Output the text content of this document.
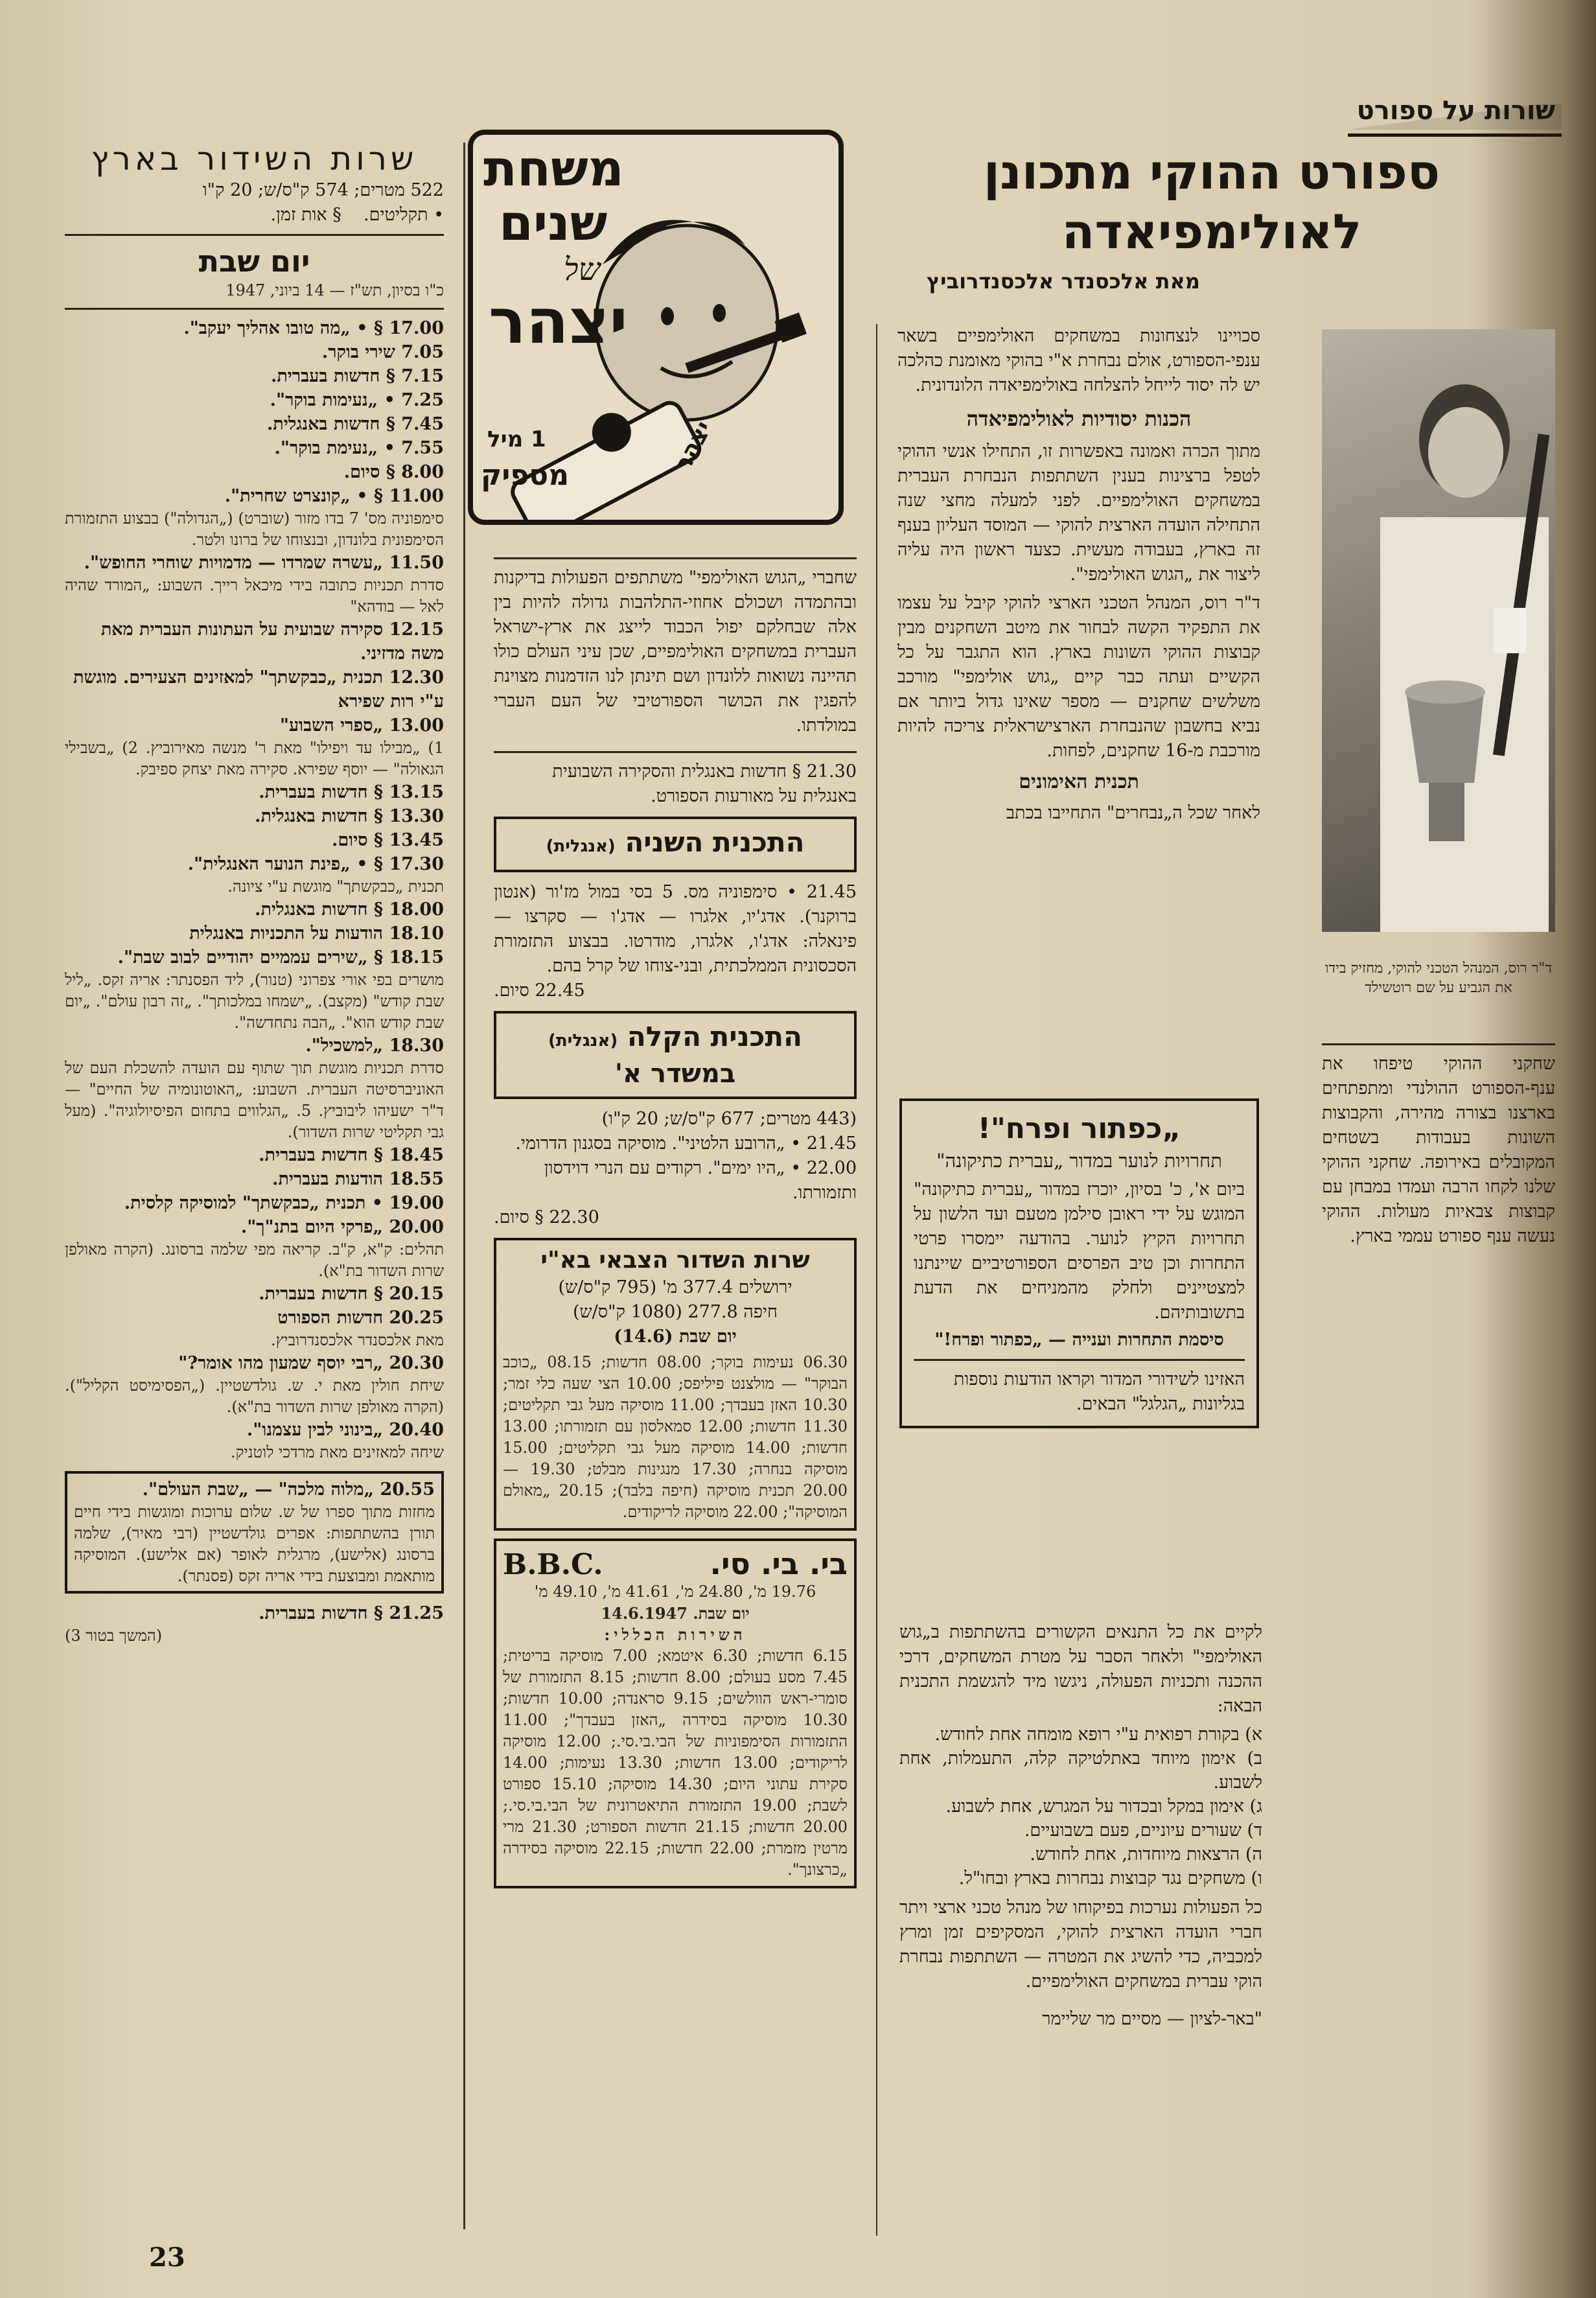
שורות על ספורט
ספורט ההוקי מתכונן לאולימפיאדה
מאת אלכסנדר אלכסנדרוביץ
ד"ר רוס, המנהל הטכני להוקי, מחזיק בידו את הגביע על שם רוטשילד

שחקני ההוקי טיפחו את ענף-הספורט ההולנדי ומתפתחים בארצנו בצורה מהירה, והקבוצות השונות בעבודות בשטחים המקובלים באירופה. שחקני ההוקי שלנו לקחו הרבה ועמדו במבחן עם קבוצות צבאיות מעולות. ההוקי נעשה ענף ספורט עממי בארץ.

סכויינו לנצחונות במשחקים האולימפיים בשאר ענפי-הספורט, אולם נבחרת א"י בהוקי מאומנת כהלכה יש לה יסוד לייחל להצלחה באולימפיאדה הלונדונית.

הכנות יסודיות לאולימפיאדה

מתוך הכרה ואמונה באפשרות זו, התחילו אנשי ההוקי לטפל ברצינות בענין השתתפות הנבחרת העברית במשחקים האולימפיים. לפני למעלה מחצי שנה התחילה הועדה הארצית להוקי — המוסד העליון בענף זה בארץ, בעבודה מעשית. כצעד ראשון היה עליה ליצור את „הגוש האולימפי".

ד"ר רוס, המנהל הטכני הארצי להוקי קיבל על עצמו את התפקיד הקשה לבחור את מיטב השחקנים מבין קבוצות ההוקי השונות בארץ. הוא התגבר על כל הקשיים ועתה כבר קיים „גוש אולימפי" מורכב משלשים שחקנים — מספר שאינו גדול ביותר אם נביא בחשבון שהנבחרת הארצישראלית צריכה להיות מורכבת מ-16 שחקנים, לפחות.

תכנית האימונים

לאחר שכל ה„נבחרים" התחייבו בכתב

„כפתור ופרח"!
תחרויות לנוער במדור „עברית כתיקונה"

ביום א', כ' בסיון, יוכרז במדור „עברית כתיקונה" המוגש על ידי ראובן סילמן מטעם ועד הלשון על תחרויות הקיץ לנוער. בהודעה יימסרו פרטי התחרות וכן טיב הפרסים הספורטיביים שיינתנו למצטיינים ולחלק מהמניחים את הדעת בתשובותיהם.

סיסמת התחרות וענייה — „כפתור ופרח!"

האזינו לשידורי המדור וקראו הודעות נוספות בגליונות „הגלגל" הבאים.

לקיים את כל התנאים הקשורים בהשתתפות ב„גוש האולימפי" ולאחר הסבר על מטרת המשחקים, דרכי ההכנה ותכניות הפעולה, ניגשו מיד להגשמת התכנית הבאה:

א) בקורת רפואית ע"י רופא מומחה אחת לחודש.

ב) אימון מיוחד באתלטיקה קלה, התעמלות, אחת לשבוע.

ג) אימון במקל ובכדור על המגרש, אחת לשבוע.

ד) שעורים עיוניים, פעם בשבועיים.

ה) הרצאות מיוחדות, אחת לחודש.

ו) משחקים נגד קבוצות נבחרות בארץ ובחו"ל.

כל הפעולות נערכות בפיקוחו של מנהל טכני ארצי ויתר חברי הועדה הארצית להוקי, המסקיפים זמן ומרץ למכביה, כדי להשיג את המטרה — השתתפות נבחרת הוקי עברית במשחקים האולימפיים.

"באר-לציון — מסיים מר שליימר

משחת
שנים
של
יצהר
1 מיל
מספיק	יצהר

שחברי „הגוש האולימפי" משתתפים הפעולות בדיקנות ובהתמדה ושכולם אחוזי-התלהבות גדולה להיות בין אלה שבחלקם יפול הכבוד לייצג את ארץ-ישראל העברית במשחקים האולימפיים, שכן עיני העולם כולו תהיינה נשואות ללונדון ושם תינתן לנו הזדמנות מצוינת להפגין את הכושר הספורטיבי של העם העברי במולדתו.

21.30 § חדשות באנגלית והסקירה השבועית באנגלית על מאורעות הספורט.

התכנית השניה (אנגלית)

21.45 • סימפוניה מס. 5 בסי במול מז'ור (אנטון ברוקנר). אדג'יו, אלגרו — אדג'ו — סקרצו — פינאלה: אדג'ו, אלגרו, מודרטו. בבצוע התזמורת הסכסונית הממלכתית, ובני-צוחו של קרל בהם.

22.45 סיום.

התכנית הקלה (אנגלית)
במשדר א'

(443 מטרים; 677 ק"ס/ש; 20 ק"ו)

21.45 • „הרובע הלטיני". מוסיקה בסגנון הדרומי.

22.00 • „היו ימים". רקודים עם הנרי דוידסון ותזמורתו.

22.30 § סיום.

שרות השדור הצבאי בא"י
ירושלים 377.4 מ' (795 ק"ס/ש)
חיפה 277.8 (1080 ק"ס/ש)
יום שבת (14.6)

06.30 נעימות בוקר; 08.00 חדשות; 08.15 „כוכב הבוקר" — מולצנט פיליפס; 10.00 הצי שעה כלי זמר; 10.30 האזן בעבדך; 11.00 מוסיקה מעל גבי תקליטים; 11.30 חדשות; 12.00 סמאלסון עם תזמורתו; 13.00 חדשות; 14.00 מוסיקה מעל גבי תקליטים; 15.00 מוסיקה בנחרה; 17.30 מנגינות מבלט; 19.30 — 20.00 תכנית מוסיקה (חיפה בלבד); 20.15 „מאולם המוסיקה"; 22.00 מוסיקה לריקודים.

בי. בי. סי.
B.B.C.
19.76 מ', 24.80 מ', 41.61 מ', 49.10 מ'
יום שבת. 14.6.1947
השירות הכללי:

6.15 חדשות; 6.30 איטמא; 7.00 מוסיקה בריטית; 7.45 מסע בעולם; 8.00 חדשות; 8.15 התזמורת של סומרי-ראש הוולשים; 9.15 סראנדה; 10.00 חדשות; 10.30 מוסיקה בסידרה „האזן בעבדך"; 11.00 התזמורות הסימפוניות של הבי.בי.סי.; 12.00 מוסיקה לריקודים; 13.00 חדשות; 13.30 נעימות; 14.00 סקירת עתוני היום; 14.30 מוסיקה; 15.10 ספורט לשבת; 19.00 התזמורת התיאטרונית של הבי.בי.סי.; 20.00 חדשות; 21.15 חדשות הספורט; 21.30 מרי מרטין מזמרת; 22.00 חדשות; 22.15 מוסיקה בסידרה „כרצונך".

שרות השידור בארץ
522 מטרים; 574 ק"ס/ש; 20 ק"ו
• תקליטים.    § אות זמן.
יום שבת
כ"ו בסיון, תש"ז — 14 ביוני, 1947

17.00 § • „מה טובו אהליך יעקב".

7.05 שירי בוקר.

7.15 § חדשות בעברית.

7.25 • „נעימות בוקר".

7.45 § חדשות באנגלית.

7.55 • „נעימת בוקר".

8.00 § סיום.

11.00 § • „קונצרט שחרית".

סימפוניה מס' 7 בדו מזור (שוברט) („הגדולה") בבצוע התזמורת הסימפונית בלונדון, ובנצוחו של ברונו ולטר.

11.50 „עשרה שמרדו — מדמויות שוחרי החופש".

סדרת תכניות כתובה בידי מיכאל רייך. השבוע: „המורד שהיה לאל — בודהא"

12.15 סקירה שבועית על העתונות העברית מאת משה מדזיני.

12.30 תכנית „כבקשתך" למאזינים הצעירים. מוגשת ע"י רות שפירא

13.00 „ספרי השבוע"

1) „מבילו עד ויפילו" מאת ר' מנשה מאירוביץ. 2) „בשבילי הגאולה" — יוסף שפירא. סקירה מאת יצחק ספיבק.

13.15 § חדשות בעברית.

13.30 § חדשות באנגלית.

13.45 § סיום.

17.30 § • „פינת הנוער האנגלית".

תכנית „כבקשתך" מוגשת ע"י ציונה.

18.00 § חדשות באנגלית.

18.10 הודעות על התכניות באנגלית

18.15 § „שירים עממיים יהודיים לבוב שבת".

מושרים בפי אורי צפרוני (טנור), ליד הפסנתר: אריה זקס. „ליל שבת קודש" (מקצב). „ישמחו במלכותך". „זה רבון עולם". „יום שבת קודש הוא". „הבה נתחדשה".

18.30 „למשכיל".

סדרת תכניות מוגשת תוך שתוף עם הועדה להשכלת העם של האוניברסיטה העברית. השבוע: „האוטונומיה של החיים" — ד"ר ישעיהו ליבוביץ. 5. „הגלווים בתחום הפיסיולוגיה". (מעל גבי תקליטי שרות השדור).

18.45 § חדשות בעברית.

18.55 הודעות בעברית.

19.00 • תכנית „כבקשתך" למוסיקה קלסית.

20.00 „פרקי היום בתנ"ך".

תהלים: ק"א, ק"ב. קריאה מפי שלמה ברסונג. (הקרה מאולפן שרות השדור בת"א).

20.15 § חדשות בעברית.

20.25 חדשות הספורט

מאת אלכסנדר אלכסנדרוביץ.

20.30 „רבי יוסף שמעון מהו אומר?"

שיחת חולין מאת י. ש. גולדשטיין. („הפסימיסט הקליל"). (הקרה מאולפן שרות השדור בת"א).

20.40 „בינוני לבין עצמנו".

שיחה למאזינים מאת מרדכי לוטניק.

20.55 „מלוה מלכה" — „שבת העולם".

מחזות מתוך ספרו של ש. שלום ערוכות ומוגשות בידי חיים תורן בהשתתפות: אפרים גולדשטיין (רבי מאיר), שלמה ברסונג (אלישע), מרגלית לאופר (אם אלישע). המוסיקה מותאמת ומבוצעת בידי אריה זקס (פסנתר).

21.25 § חדשות בעברית.

(המשך בטור 3)

23
